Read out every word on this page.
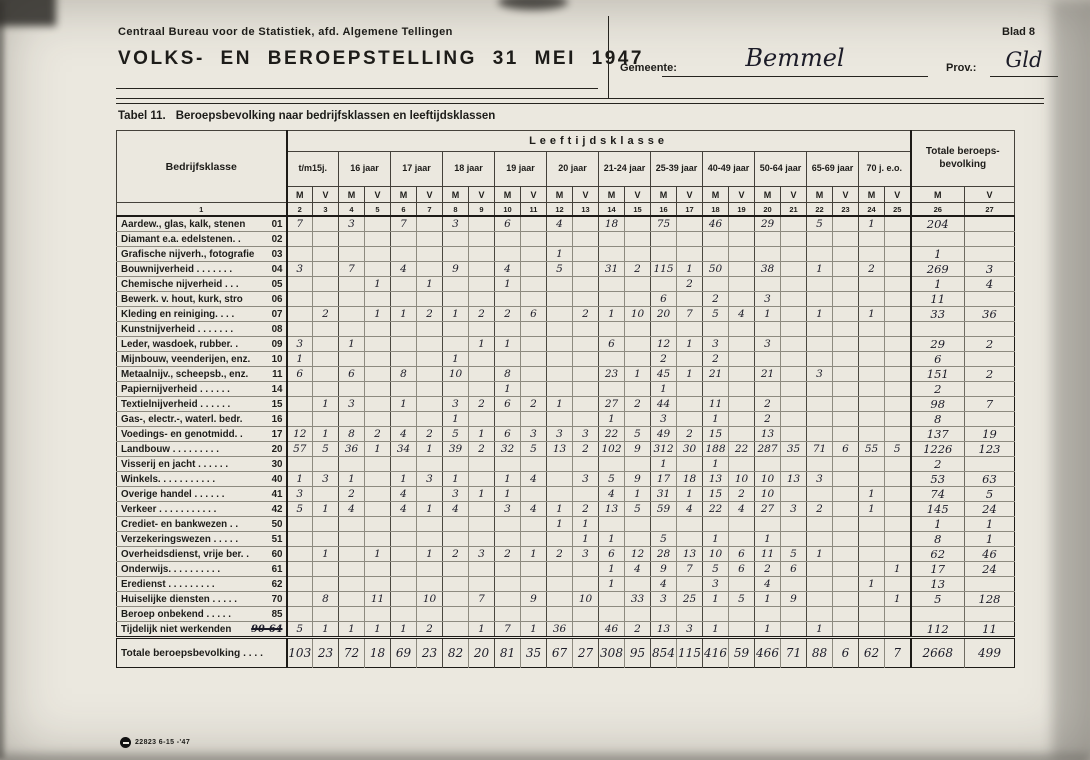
Centraal Bureau voor de Statistiek, afd. Algemene Tellingen
VOLKS- EN BEROEPSTELLING 31 MEI 1947
Blad 8
Gemeente:	Bemmel	Prov.:	Gld
Tabel 11. Beroepsbevolking naar bedrijfsklassen en leeftijdsklassen
Bedrijfsklasse	Leeftijdsklasse																								Totale beroeps- bevolking	
	t/m15j.		16 jaar		17 jaar		18 jaar		19 jaar		20 jaar		21-24 jaar		25-39 jaar		40-49 jaar		50-64 jaar		65-69 jaar		70 j. e.o.			
	M	V	M	V	M	V	M	V	M	V	M	V	M	V	M	V	M	V	M	V	M	V	M	V	M	V
1	2	3	4	5	6	7	8	9	10	11	12	13	14	15	16	17	18	19	20	21	22	23	24	25	26	27

Aardew., glas, kalk, stenen 01	7		3		7		3		6		4		18		75		46		29		5		1		204	

Diamant e.a. edelstenen. . 02																										

Grafische nijverh., fotografie 03											1														1	

Bouwnijverheid . . . . . . . 04	3		7		4		9		4		5		31	2	115	1	50		38		1		2		269	3

Chemische nijverheid . . . 05				1		1			1							2									1	4

Bewerk. v. hout, kurk, stro 06															6		2		3						11	

Kleding en reiniging. . . . 07		2		1	1	2	1	2	2	6		2	1	10	20	7	5	4	1		1		1		33	36

Kunstnijverheid . . . . . . . 08																										

Leder, wasdoek, rubber. . 09	3		1					1	1				6		12	1	3		3						29	2

Mijnbouw, veenderijen, enz. 10	1						1								2		2								6	

Metaalnijv., scheepsb., enz. 11	6		6		8		10		8				23	1	45	1	21		21		3				151	2

Papiernijverheid . . . . . . 14									1						1										2	

Textielnijverheid . . . . . . 15		1	3		1		3	2	6	2	1		27	2	44		11		2						98	7

Gas-, electr.-, waterl. bedr. 16							1						1		3		1		2						8	

Voedings- en genotmidd. . 17	12	1	8	2	4	2	5	1	6	3	3	3	22	5	49	2	15		13						137	19

Landbouw . . . . . . . . . 20	57	5	36	1	34	1	39	2	32	5	13	2	102	9	312	30	188	22	287	35	71	6	55	5	1226	123

Visserij en jacht . . . . . . 30															1		1								2	

Winkels. . . . . . . . . . . 40	1	3	1		1	3	1		1	4		3	5	9	17	18	13	10	10	13	3				53	63

Overige handel . . . . . . 41	3		2		4		3	1	1				4	1	31	1	15	2	10				1		74	5

Verkeer . . . . . . . . . . . 42	5	1	4		4	1	4		3	4	1	2	13	5	59	4	22	4	27	3	2		1		145	24

Crediet- en bankwezen . . 50											1	1													1	1

Verzekeringswezen . . . . . 51												1	1		5		1		1						8	1

Overheidsdienst, vrije ber. . 60		1		1		1	2	3	2	1	2	3	6	12	28	13	10	6	11	5	1				62	46

Onderwijs. . . . . . . . . . 61													1	4	9	7	5	6	2	6				1	17	24

Eredienst . . . . . . . . . 62													1		4		3		4				1		13	

Huiselijke diensten . . . . . 70		8		11		10		7		9		10		33	3	25	1	5	1	9				1	5	128

Beroep onbekend . . . . . 85																										

Tijdelijk niet werkenden 90-64	5	1	1	1	1	2		1	7	1	36		46	2	13	3	1		1		1				112	11

Totale beroepsbevolking . . . .	103	23	72	18	69	23	82	20	81	35	67	27	308	95	854	115	416	59	466	71	88	6	62	7	2668	499
22823 6-15 -'47
